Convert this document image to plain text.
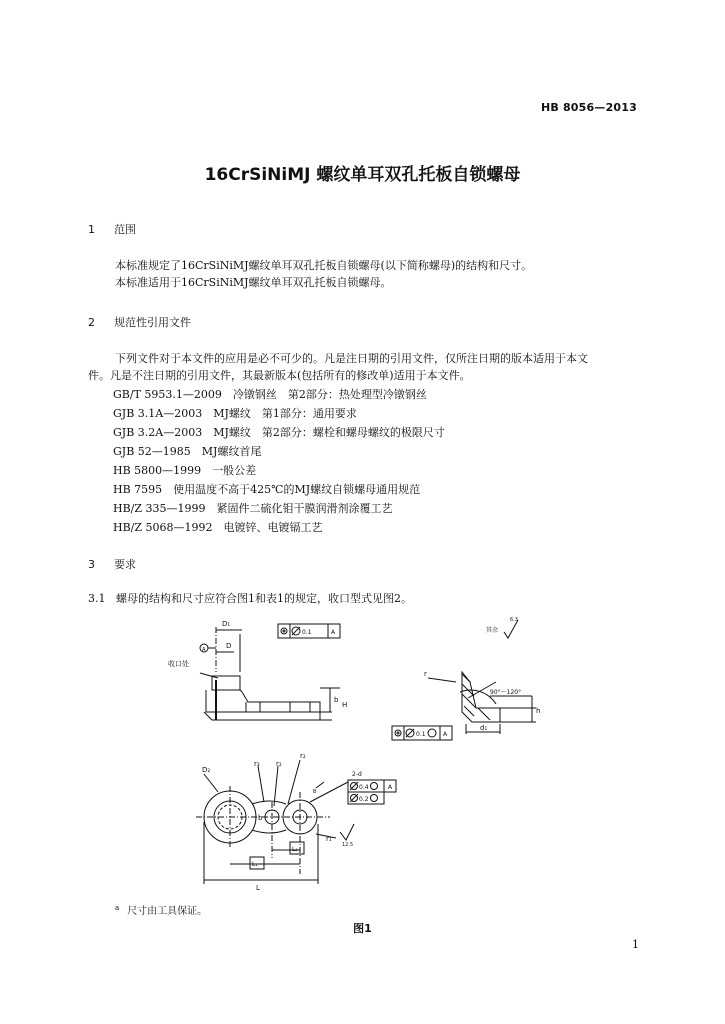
HB 8056—2013
16CrSiNiMJ 螺纹单耳双孔托板自锁螺母
1 范围
本标准规定了16CrSiNiMJ螺纹单耳双孔托板自锁螺母(以下简称螺母)的结构和尺寸。
本标准适用于16CrSiNiMJ螺纹单耳双孔托板自锁螺母。
2 规范性引用文件
下列文件对于本文件的应用是必不可少的。凡是注日期的引用文件，仅所注日期的版本适用于本文
件。凡是不注日期的引用文件，其最新版本(包括所有的修改单)适用于本文件。
GB/T 5953.1—2009　冷镦钢丝　第2部分：热处理型冷镦钢丝
GJB 3.1A—2003　MJ螺纹　第1部分：通用要求
GJB 3.2A—2003　MJ螺纹　第2部分：螺栓和螺母螺纹的极限尺寸
GJB 52—1985　MJ螺纹首尾
HB 5800—1999　一般公差
HB 7595　使用温度不高于425℃的MJ螺纹自锁螺母通用规范
HB/Z 335—1999　紧固件二硫化钼干膜润滑剂涂覆工艺
HB/Z 5068—1992　电镀锌、电镀镉工艺
3 要求
3.1 螺母的结构和尺寸应符合图1和表1的规定，收口型式见图2。
D₁
D
A
收口处
b
H
0.1	A	其余
6.3
r
90°～120°
h
d₁
0.1	A
D₂
r₃ r₂
r₂
b
r₁
2-d
0.4	A
0.2
B
L₂
L₁
L
12.5
$^a$ 尺寸由工具保证。
图1
1
